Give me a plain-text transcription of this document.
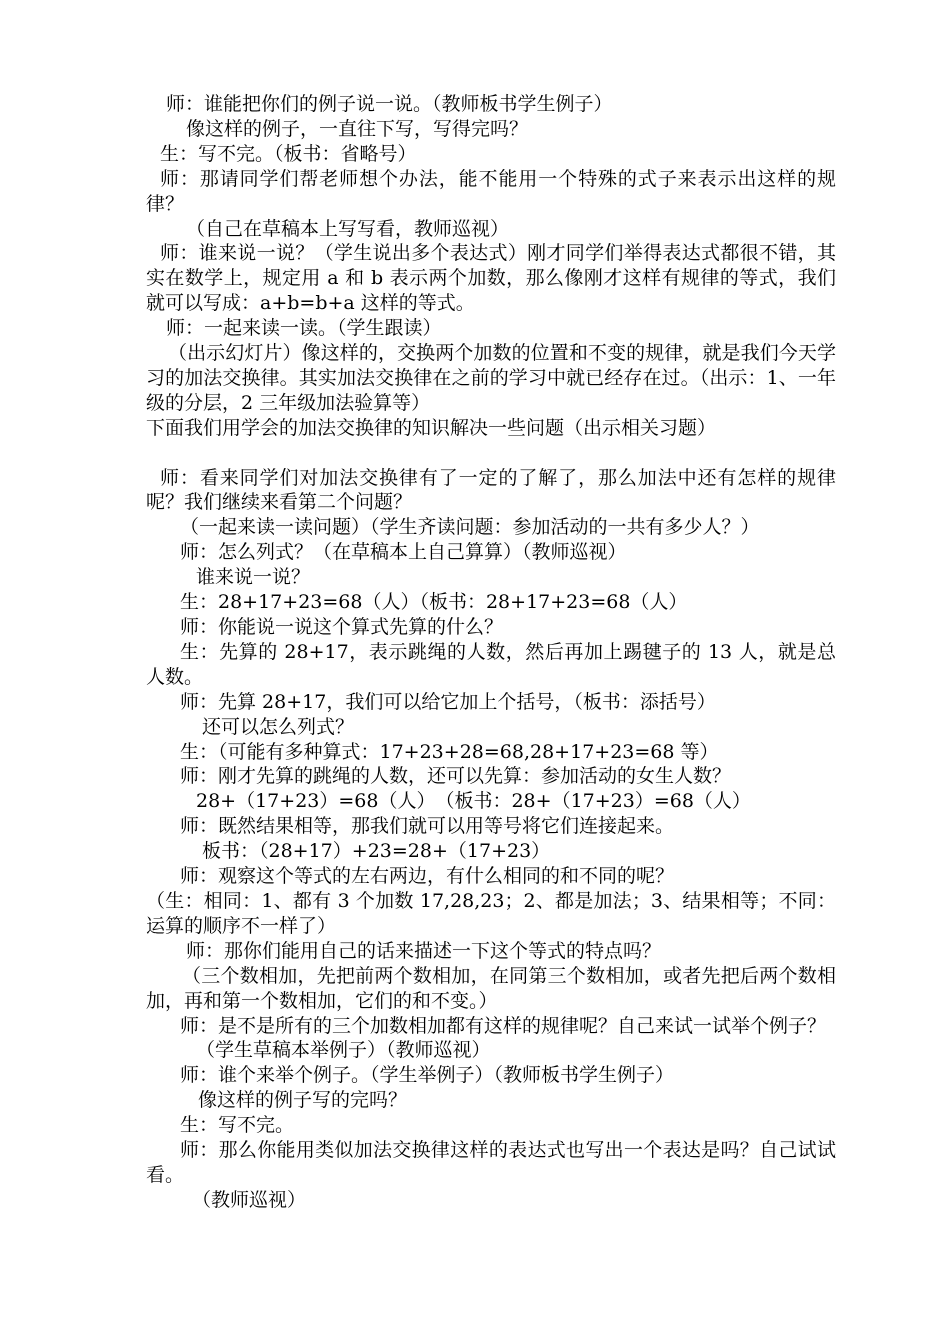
师：谁能把你们的例子说一说。（教师板书学生例子）

像这样的例子，一直往下写，写得完吗？

生：写不完。（板书：省略号）

师：那请同学们帮老师想个办法，能不能用一个特殊的式子来表示出这样的规律？

（自己在草稿本上写写看，教师巡视）

师：谁来说一说？（学生说出多个表达式）刚才同学们举得表达式都很不错，其实在数学上，规定用 a 和 b 表示两个加数，那么像刚才这样有规律的等式，我们就可以写成：a+b=b+a 这样的等式。

师：一起来读一读。（学生跟读）

（出示幻灯片）像这样的，交换两个加数的位置和不变的规律，就是我们今天学习的加法交换律。其实加法交换律在之前的学习中就已经存在过。（出示：1、一年级的分层，2 三年级加法验算等）

下面我们用学会的加法交换律的知识解决一些问题（出示相关习题）

师：看来同学们对加法交换律有了一定的了解了，那么加法中还有怎样的规律呢？我们继续来看第二个问题？

（一起来读一读问题）（学生齐读问题：参加活动的一共有多少人？）

师：怎么列式？（在草稿本上自己算算）（教师巡视）

谁来说一说？

生：28+17+23=68（人）（板书：28+17+23=68（人）

师：你能说一说这个算式先算的什么？

生：先算的 28+17，表示跳绳的人数，然后再加上踢毽子的 13 人，就是总人数。

师：先算 28+17，我们可以给它加上个括号，（板书：添括号）

还可以怎么列式？

生：（可能有多种算式：17+23+28=68,28+17+23=68 等）

师：刚才先算的跳绳的人数，还可以先算：参加活动的女生人数？

28+（17+23）=68（人）　（板书：28+（17+23）=68（人）

师：既然结果相等，那我们就可以用等号将它们连接起来。

板书：（28+17）+23=28+（17+23）

师：观察这个等式的左右两边，有什么相同的和不同的呢？

（生：相同：1、都有 3 个加数 17,28,23；2、都是加法；3、结果相等；不同：运算的顺序不一样了）

师：那你们能用自己的话来描述一下这个等式的特点吗？

（三个数相加，先把前两个数相加，在同第三个数相加，或者先把后两个数相加，再和第一个数相加，它们的和不变。）

师：是不是所有的三个加数相加都有这样的规律呢？自己来试一试举个例子？

（学生草稿本举例子）（教师巡视）

师：谁个来举个例子。（学生举例子）（教师板书学生例子）

像这样的例子写的完吗？

生：写不完。

师：那么你能用类似加法交换律这样的表达式也写出一个表达是吗？自己试试看。

（教师巡视）
